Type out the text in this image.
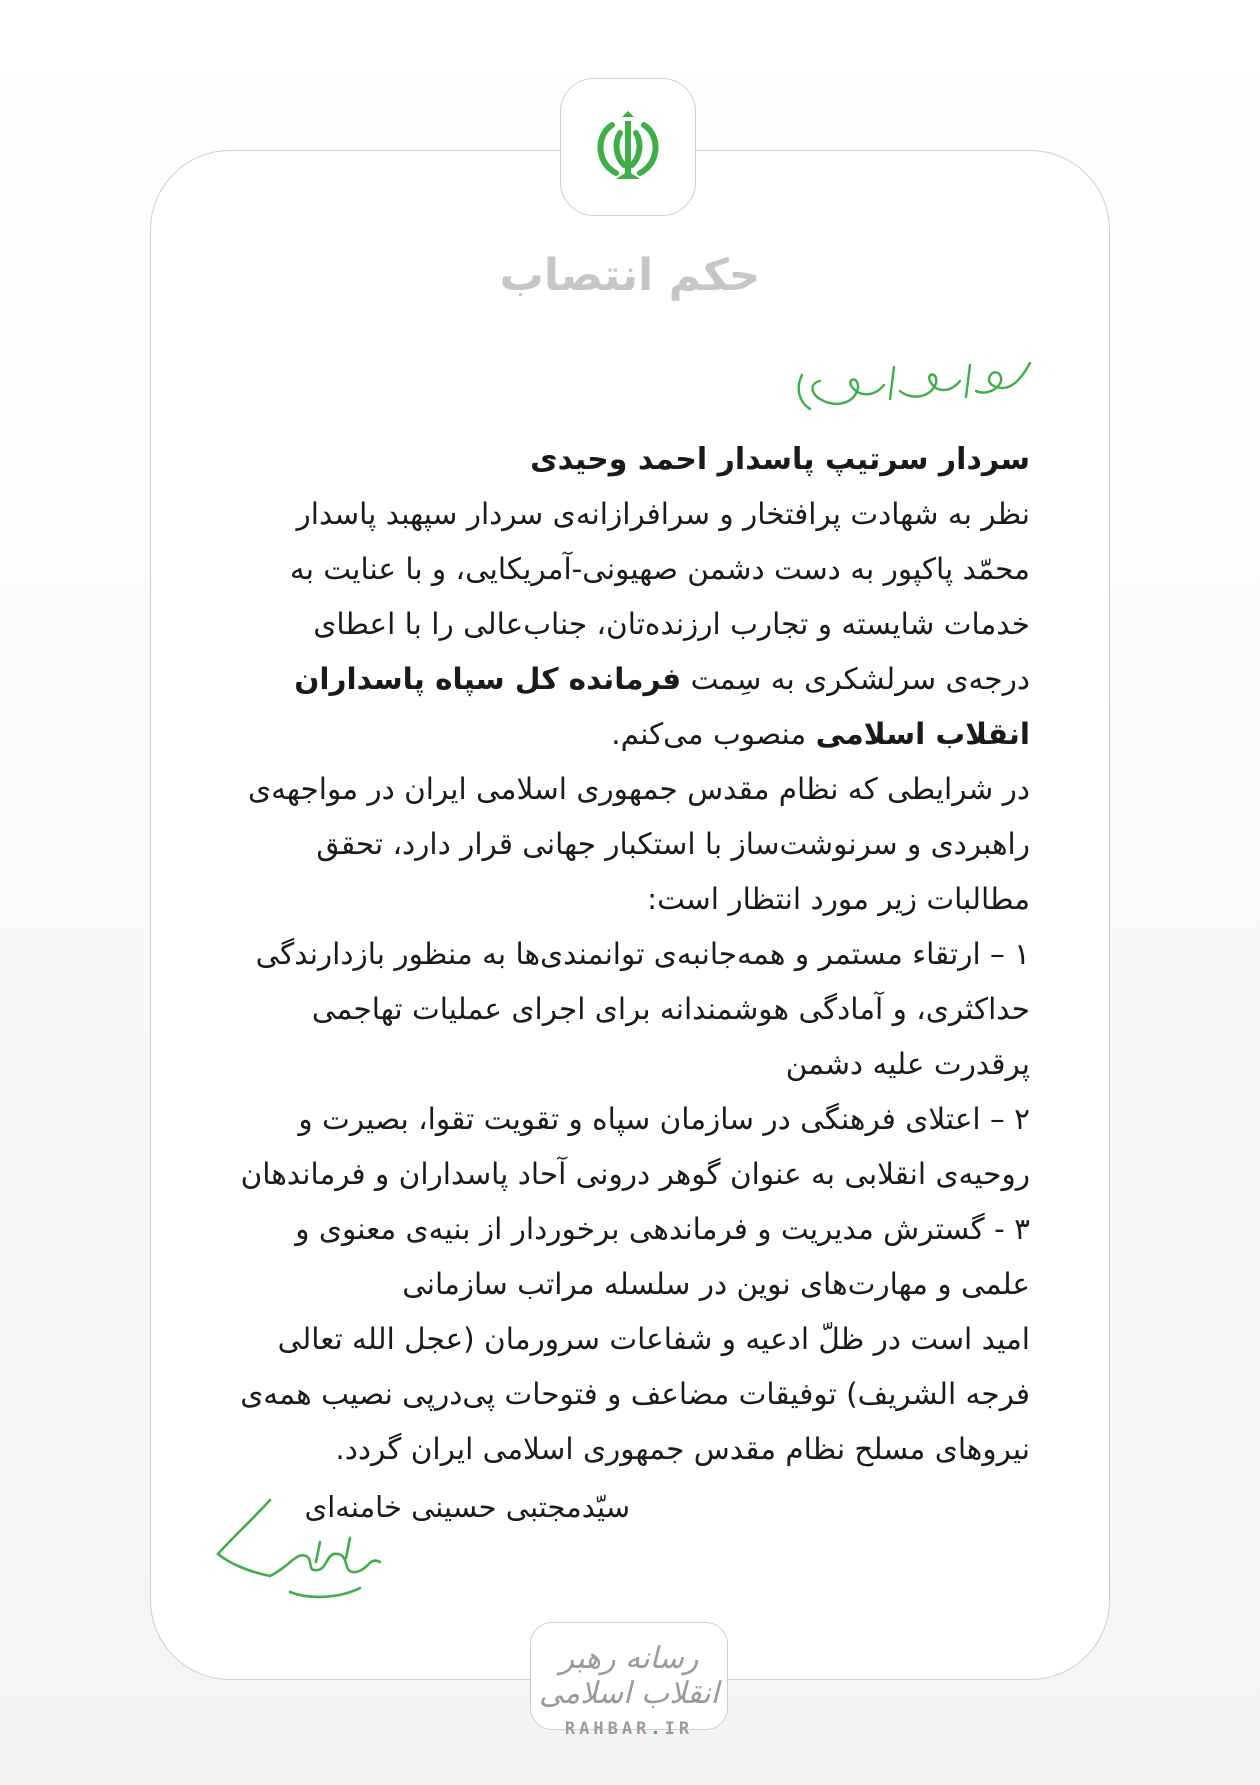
حکم انتصاب
بسم الله الرحمن الرحیم

سردار سرتیپ پاسدار احمد وحیدی

نظر به شهادت پرافتخار و سرافرازانه‌ی سردار سپهبد پاسدار محمّد پاکپور به دست دشمن صهیونی-آمریکایی، و با عنایت به خدمات شایسته و تجارب ارزنده‌تان، جناب‌عالی را با اعطای درجه‌ی سرلشکری به سِمت فرمانده کل سپاه پاسداران انقلاب اسلامی منصوب می‌کنم.

در شرایطی که نظام مقدس جمهوری اسلامی ایران در مواجهه‌ی راهبردی و سرنوشت‌ساز با استکبار جهانی قرار دارد، تحقق مطالبات زیر مورد انتظار است:

۱ – ارتقاء مستمر و همه‌جانبه‌ی توانمندی‌ها به منظور بازدارندگی حداکثری، و آمادگی هوشمندانه برای اجرای عملیات تهاجمی پرقدرت علیه دشمن

۲ – اعتلای فرهنگی در سازمان سپاه و تقویت تقوا، بصیرت و روحیه‌ی انقلابی به عنوان گوهر درونی آحاد پاسداران و فرماندهان

۳ - گسترش مدیریت و فرماندهی برخوردار از بنیه‌ی معنوی و علمی و مهارت‌های نوین در سلسله مراتب سازمانی

امید است در ظلّ ادعیه و شفاعات سرورمان (عجل الله تعالی فرجه الشریف) توفیقات مضاعف و فتوحات پی‌درپی نصیب همه‌ی نیروهای مسلح نظام مقدس جمهوری اسلامی ایران گردد.

سیّدمجتبی حسینی خامنه‌ای
رسانه رهبر انقلاب اسلامی
RAHBAR.IR
